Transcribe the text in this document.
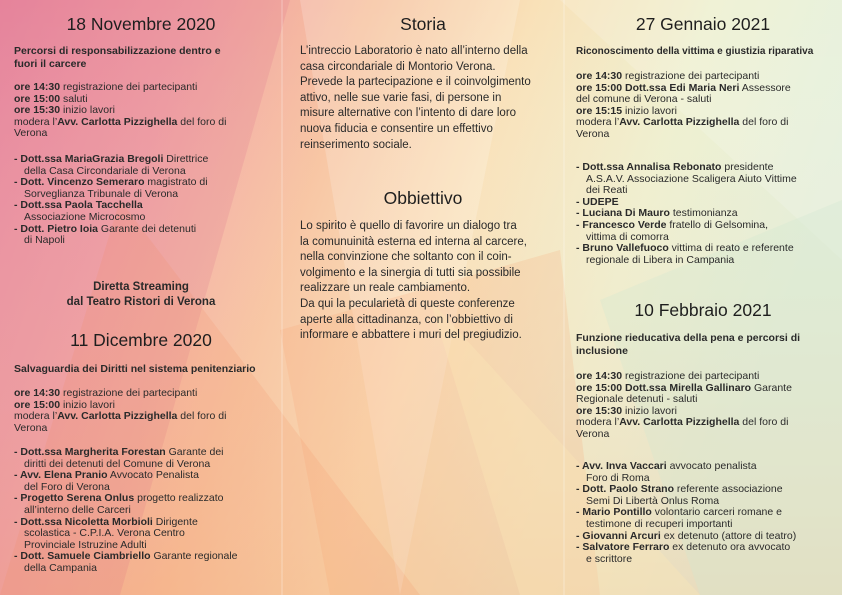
18 Novembre 2020
Percorsi di responsabilizzazione dentro e
fuori il carcere
ore 14:30 registrazione dei partecipanti
ore 15:00 saluti
ore 15:30 inizio lavori
modera l’Avv. Carlotta Pizzighella del foro di
Verona
- Dott.ssa MariaGrazia Bregoli Direttrice
della Casa Circondariale di Verona
- Dott. Vincenzo Semeraro magistrato di
Sorveglianza Tribunale di Verona
- Dott.ssa Paola Tacchella
Associazione Microcosmo
- Dott. Pietro Ioia Garante dei detenuti
di Napoli
Diretta Streaming
dal Teatro Ristori di Verona
11 Dicembre 2020
Salvaguardia dei Diritti nel sistema penitenziario
ore 14:30 registrazione dei partecipanti
ore 15:00 inizio lavori
modera l’Avv. Carlotta Pizzighella del foro di
Verona
- Dott.ssa Margherita Forestan Garante dei
diritti dei detenuti del Comune di Verona
- Avv. Elena Pranio Avvocato Penalista
del Foro di Verona
- Progetto Serena Onlus progetto realizzato
all’interno delle Carceri
- Dott.ssa Nicoletta Morbioli Dirigente
scolastica - C.P.I.A. Verona Centro
Provinciale Istruzine Adulti
- Dott. Samuele Ciambriello Garante regionale
della Campania
Storia
L’intreccio Laboratorio è nato all’interno della
casa circondariale di Montorio Verona.
Prevede la partecipazione e il coinvolgimento
attivo, nelle sue varie fasi, di persone in
misure alternative con l’intento di dare loro
nuova fiducia e consentire un effettivo
reinserimento sociale.
Obbiettivo
Lo spirito è quello di favorire un dialogo tra
la comunuinità esterna ed interna al carcere,
nella convinzione che soltanto con il coin-
volgimento e la sinergia di tutti sia possibile
realizzare un reale cambiamento.
Da qui la pecularietà di queste conferenze
aperte alla cittadinanza, con l’obbiettivo di
informare e abbattere i muri del pregiudizio.
27 Gennaio 2021
Riconoscimento della vittima e giustizia riparativa
ore 14:30 registrazione dei partecipanti
ore 15:00 Dott.ssa Edi Maria Neri Assessore
del comune di Verona - saluti
ore 15:15 inizio lavori
modera l’Avv. Carlotta Pizzighella del foro di
Verona
- Dott.ssa Annalisa Rebonato presidente
A.S.A.V. Associazione Scaligera Aiuto Vittime
dei Reati
- UDEPE
- Luciana Di Mauro testimonianza
- Francesco Verde fratello di Gelsomina,
vittima di comorra
- Bruno Vallefuoco vittima di reato e referente
regionale di Libera in Campania
10 Febbraio 2021
Funzione rieducativa della pena e percorsi di
inclusione
ore 14:30 registrazione dei partecipanti
ore 15:00 Dott.ssa Mirella Gallinaro Garante
Regionale detenuti - saluti
ore 15:30 inizio lavori
modera l’Avv. Carlotta Pizzighella del foro di
Verona
- Avv. Inva Vaccari avvocato penalista
Foro di Roma
- Dott. Paolo Strano referente associazione
Semi Di Libertà Onlus Roma
- Mario Pontillo volontario carceri romane e
testimone di recuperi importanti
- Giovanni Arcuri ex detenuto (attore di teatro)
- Salvatore Ferraro ex detenuto ora avvocato
e scrittore
